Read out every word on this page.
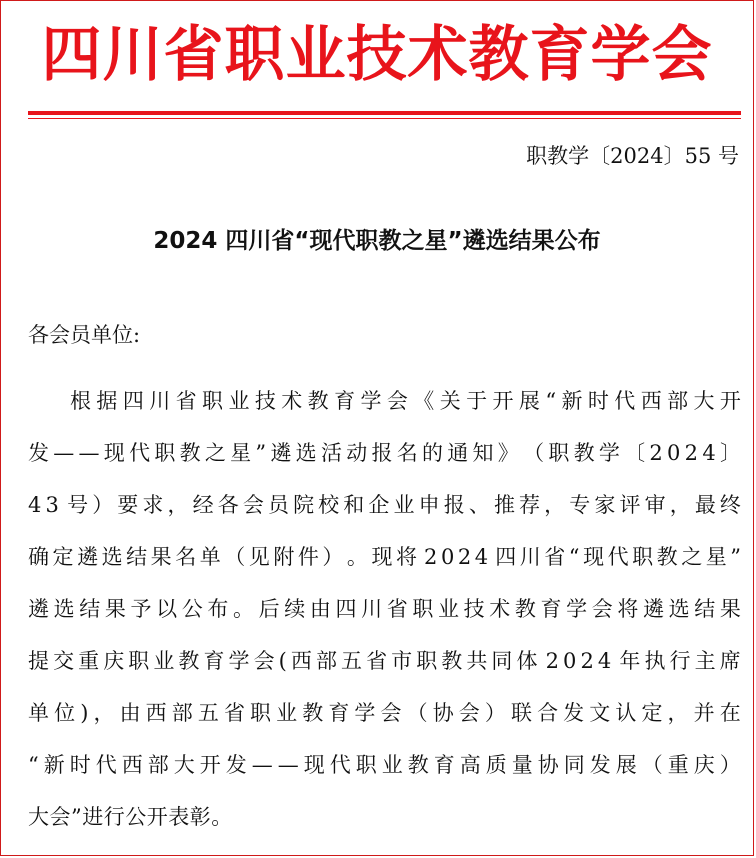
四川省职业技术教育学会
职教学〔2024〕55 号
2024 四川省“现代职教之星”遴选结果公布
各会员单位:
根 据 四 川 省 职 业 技 术 教 育 学 会 《 关 于 开 展 “ 新 时 代 西 部 大 开
发 — — 现 代 职 教 之 星 ” 遴 选 活 动 报 名 的 通 知 》 （ 职 教 学 〔 2 0 2 4 〕
4 3 号 ） 要 求 ， 经 各 会 员 院 校 和 企 业 申 报 、 推 荐 ， 专 家 评 审 ， 最 终
确 定 遴 选 结 果 名 单 （ 见 附 件 ） 。 现 将 2 0 2 4 四 川 省 “ 现 代 职 教 之 星 ”
遴 选 结 果 予 以 公 布 。 后 续 由 四 川 省 职 业 技 术 教 育 学 会 将 遴 选 结 果
提 交 重 庆 职 业 教 育 学 会 ( 西 部 五 省 市 职 教 共 同 体 2 0 2 4 年 执 行 主 席
单 位 ) ， 由 西 部 五 省 职 业 教 育 学 会 （ 协 会 ） 联 合 发 文 认 定 ， 并 在
“ 新 时 代 西 部 大 开 发 — — 现 代 职 业 教 育 高 质 量 协 同 发 展 （ 重 庆 ）
大会”进行公开表彰。
